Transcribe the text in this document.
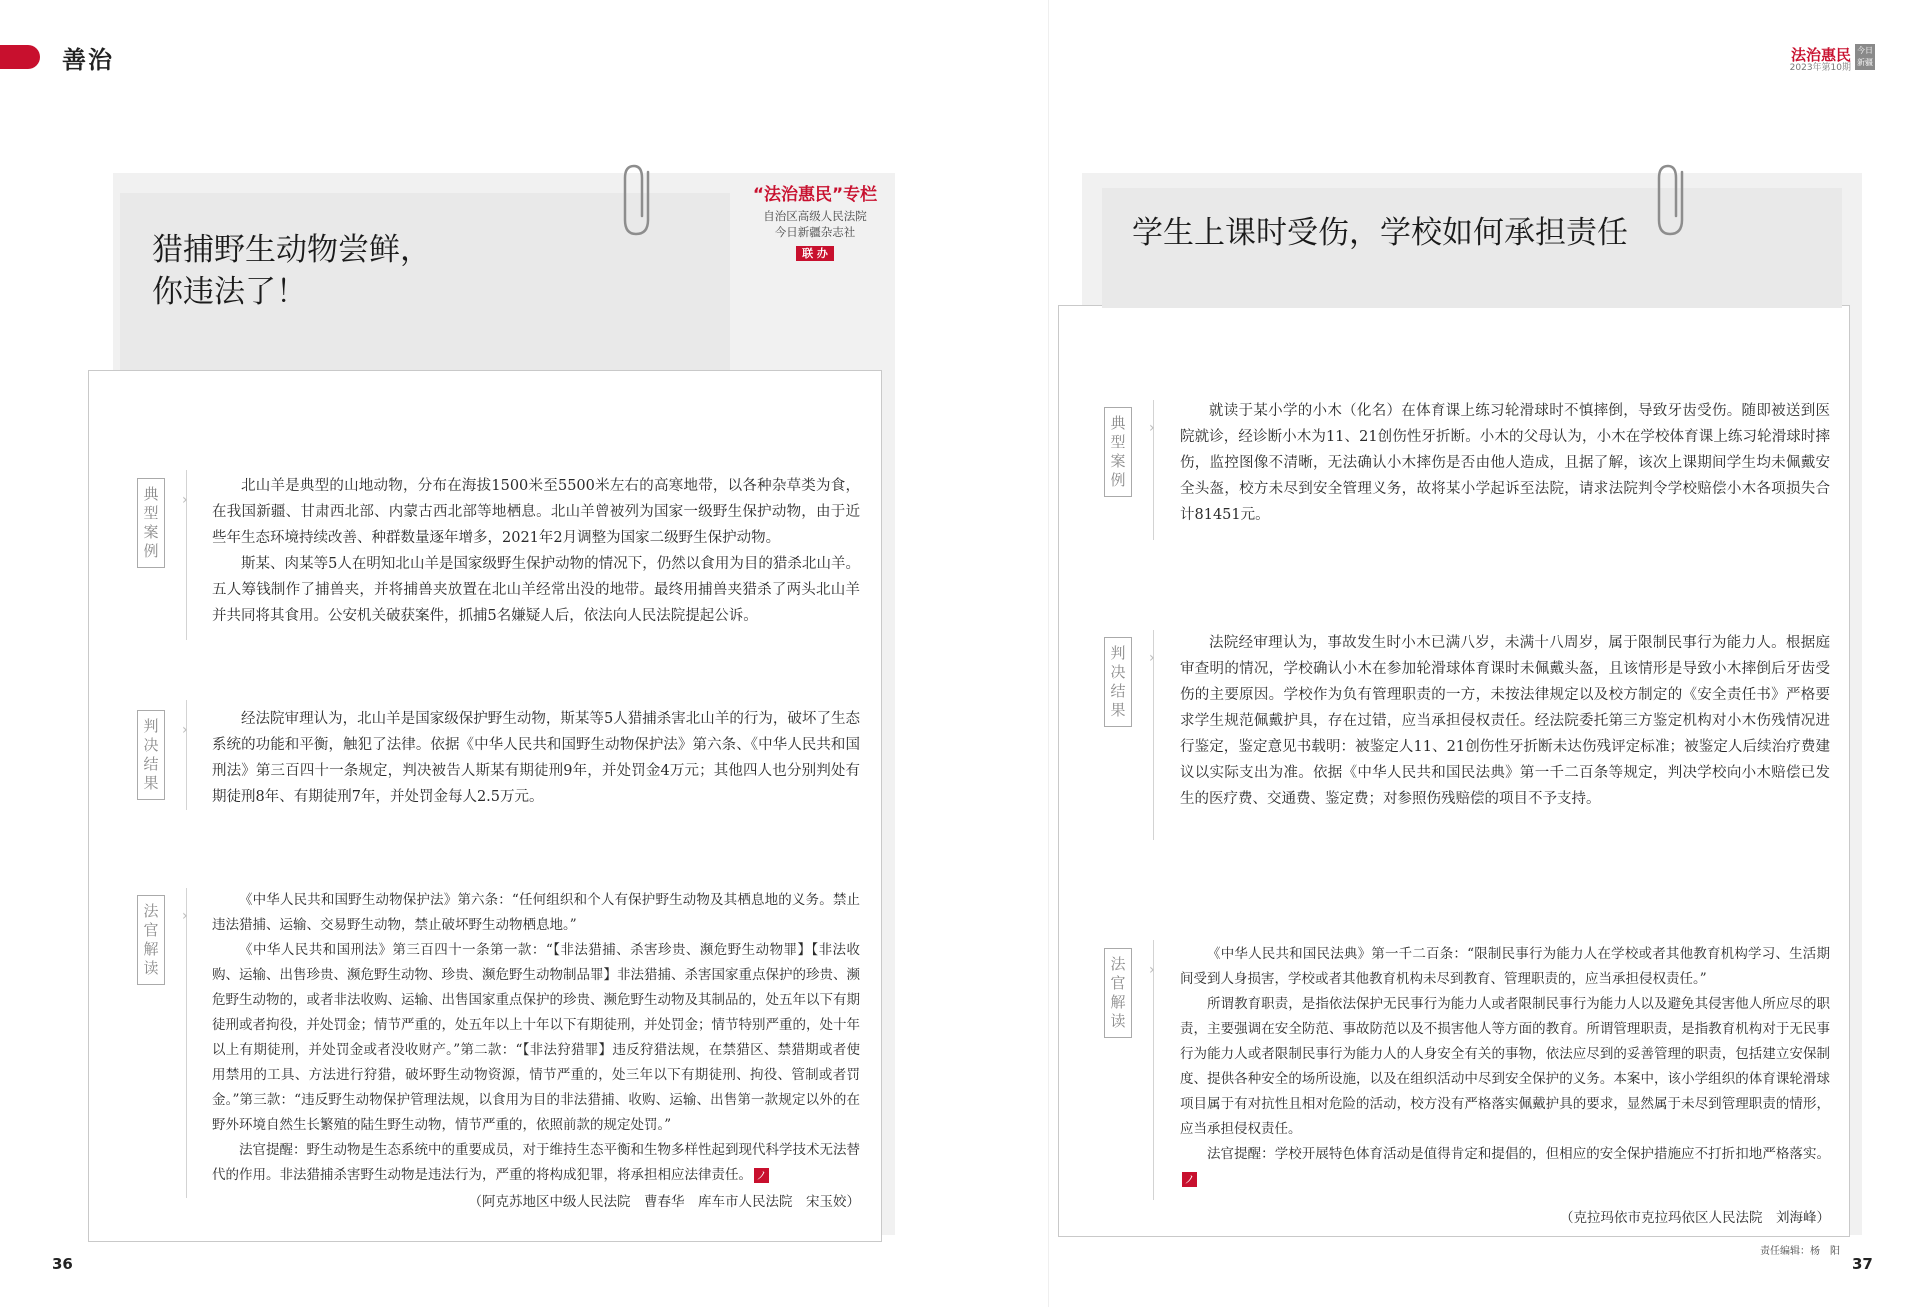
善治	法治惠民
2023年第10期
今日
新疆
猎捕野生动物尝鲜，
你违法了！
“法治惠民”专栏
自治区高级人民法院
今日新疆杂志社
联 办
典型案例
›
判决结果
›
法官解读
›

北山羊是典型的山地动物，分布在海拔1500米至5500米左右的高寒地带，以各种杂草类为食，在我国新疆、甘肃西北部、内蒙古西北部等地栖息。北山羊曾被列为国家一级野生保护动物，由于近些年生态环境持续改善、种群数量逐年增多，2021年2月调整为国家二级野生保护动物。

斯某、肉某等5人在明知北山羊是国家级野生保护动物的情况下，仍然以食用为目的猎杀北山羊。五人筹钱制作了捕兽夹，并将捕兽夹放置在北山羊经常出没的地带。最终用捕兽夹猎杀了两头北山羊并共同将其食用。公安机关破获案件，抓捕5名嫌疑人后，依法向人民法院提起公诉。

经法院审理认为，北山羊是国家级保护野生动物，斯某等5人猎捕杀害北山羊的行为，破坏了生态系统的功能和平衡，触犯了法律。依据《中华人民共和国野生动物保护法》第六条、《中华人民共和国刑法》第三百四十一条规定，判决被告人斯某有期徒刑9年，并处罚金4万元；其他四人也分别判处有期徒刑8年、有期徒刑7年，并处罚金每人2.5万元。

《中华人民共和国野生动物保护法》第六条：“任何组织和个人有保护野生动物及其栖息地的义务。禁止违法猎捕、运输、交易野生动物，禁止破坏野生动物栖息地。”

《中华人民共和国刑法》第三百四十一条第一款：“【非法猎捕、杀害珍贵、濒危野生动物罪】【非法收购、运输、出售珍贵、濒危野生动物、珍贵、濒危野生动物制品罪】非法猎捕、杀害国家重点保护的珍贵、濒危野生动物的，或者非法收购、运输、出售国家重点保护的珍贵、濒危野生动物及其制品的，处五年以下有期徒刑或者拘役，并处罚金；情节严重的，处五年以上十年以下有期徒刑，并处罚金；情节特别严重的，处十年以上有期徒刑，并处罚金或者没收财产。”第二款：“【非法狩猎罪】违反狩猎法规，在禁猎区、禁猎期或者使用禁用的工具、方法进行狩猎，破坏野生动物资源，情节严重的，处三年以下有期徒刑、拘役、管制或者罚金。”第三款：“违反野生动物保护管理法规，以食用为目的非法猎捕、收购、运输、出售第一款规定以外的在野外环境自然生长繁殖的陆生野生动物，情节严重的，依照前款的规定处罚。”

法官提醒：野生动物是生态系统中的重要成员，对于维持生态平衡和生物多样性起到现代科学技术无法替代的作用。非法猎捕杀害野生动物是违法行为，严重的将构成犯罪，将承担相应法律责任。 ノ

（阿克苏地区中级人民法院　曹春华　库车市人民法院　宋玉姣）
36
学生上课时受伤，学校如何承担责任
典型案例
›
判决结果
›
法官解读
›

就读于某小学的小木（化名）在体育课上练习轮滑球时不慎摔倒，导致牙齿受伤。随即被送到医院就诊，经诊断小木为11、21创伤性牙折断。小木的父母认为，小木在学校体育课上练习轮滑球时摔伤，监控图像不清晰，无法确认小木摔伤是否由他人造成，且据了解，该次上课期间学生均未佩戴安全头盔，校方未尽到安全管理义务，故将某小学起诉至法院，请求法院判令学校赔偿小木各项损失合计81451元。

法院经审理认为，事故发生时小木已满八岁，未满十八周岁，属于限制民事行为能力人。根据庭审查明的情况，学校确认小木在参加轮滑球体育课时未佩戴头盔，且该情形是导致小木摔倒后牙齿受伤的主要原因。学校作为负有管理职责的一方，未按法律规定以及校方制定的《安全责任书》严格要求学生规范佩戴护具，存在过错，应当承担侵权责任。经法院委托第三方鉴定机构对小木伤残情况进行鉴定，鉴定意见书载明：被鉴定人11、21创伤性牙折断未达伤残评定标准；被鉴定人后续治疗费建议以实际支出为准。依据《中华人民共和国民法典》第一千二百条等规定，判决学校向小木赔偿已发生的医疗费、交通费、鉴定费；对参照伤残赔偿的项目不予支持。

《中华人民共和国民法典》第一千二百条：“限制民事行为能力人在学校或者其他教育机构学习、生活期间受到人身损害，学校或者其他教育机构未尽到教育、管理职责的，应当承担侵权责任。”

所谓教育职责，是指依法保护无民事行为能力人或者限制民事行为能力人以及避免其侵害他人所应尽的职责，主要强调在安全防范、事故防范以及不损害他人等方面的教育。所谓管理职责，是指教育机构对于无民事行为能力人或者限制民事行为能力人的人身安全有关的事物，依法应尽到的妥善管理的职责，包括建立安保制度、提供各种安全的场所设施，以及在组织活动中尽到安全保护的义务。本案中，该小学组织的体育课轮滑球项目属于有对抗性且相对危险的活动，校方没有严格落实佩戴护具的要求，显然属于未尽到管理职责的情形，应当承担侵权责任。

法官提醒：学校开展特色体育活动是值得肯定和提倡的，但相应的安全保护措施应不打折扣地严格落实。ノ

（克拉玛依市克拉玛依区人民法院　刘海峰）
责任编辑：杨　阳
37
